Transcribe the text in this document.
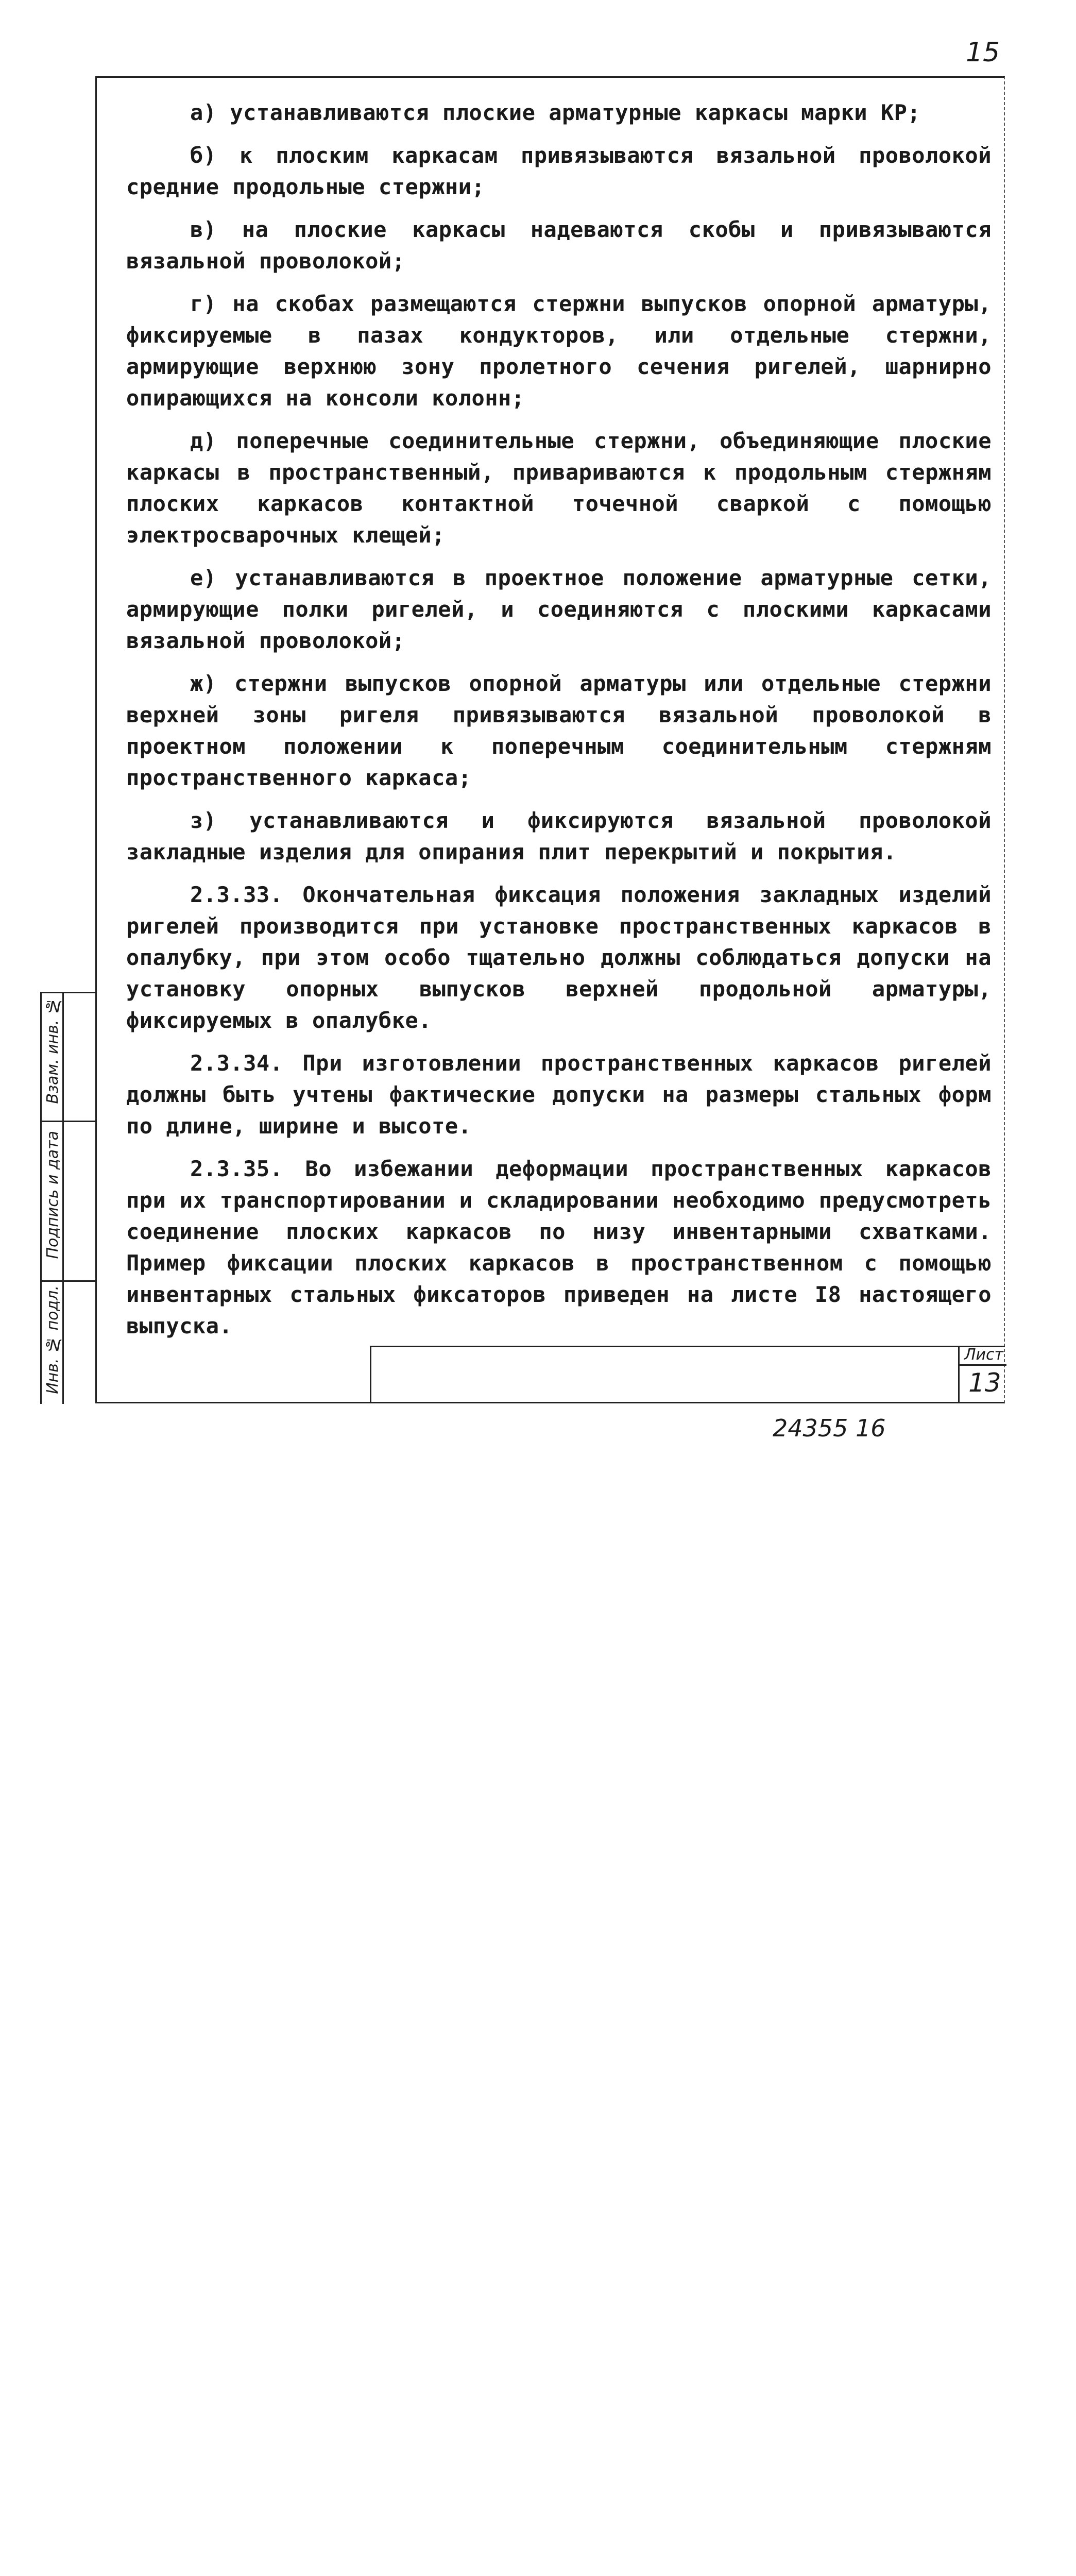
15

а) устанавливаются плоские арматурные каркасы марки КР;

б) к плоским каркасам привязываются вязальной проволокой средние продольные стержни;

в) на плоские каркасы надеваются скобы и привязываются вязальной проволокой;

г) на скобах размещаются стержни выпусков опорной арматуры, фиксируемые в пазах кондукторов, или отдельные стержни, армирующие верхнюю зону пролетного сечения ригелей, шарнирно опирающихся на консоли колонн;

д) поперечные соединительные стержни, объединяющие плоские каркасы в пространственный, привариваются к продольным стержням плоских каркасов контактной точечной сваркой с помощью электросварочных клещей;

е) устанавливаются в проектное положение арматурные сетки, армирующие полки ригелей, и соединяются с плоскими каркасами вязальной проволокой;

ж) стержни выпусков опорной арматуры или отдельные стержни верхней зоны ригеля привязываются вязальной проволокой в проектном положении к поперечным соединительным стержням пространственного каркаса;

з) устанавливаются и фиксируются вязальной проволокой закладные изделия для опирания плит перекрытий и покрытия.

2.3.33. Окончательная фиксация положения закладных изделий ригелей производится при установке пространственных каркасов в опалубку, при этом особо тщательно должны соблюдаться допуски на установку опорных выпусков верхней продольной арматуры, фиксируемых в опалубке.

2.3.34. При изготовлении пространственных каркасов ригелей должны быть учтены фактические допуски на размеры стальных форм по длине, ширине и высоте.

2.3.35. Во избежании деформации пространственных каркасов при их транспортировании и складировании необходимо предусмотреть соединение плоских каркасов по низу инвентарными схватками. Пример фиксации плоских каркасов в пространственном с помощью инвентарных стальных фиксаторов приведен на листе I8 настоящего выпуска.

Лист
13
24355 16
Инв. № подл.
Подпись и дата
Взам. инв. №
